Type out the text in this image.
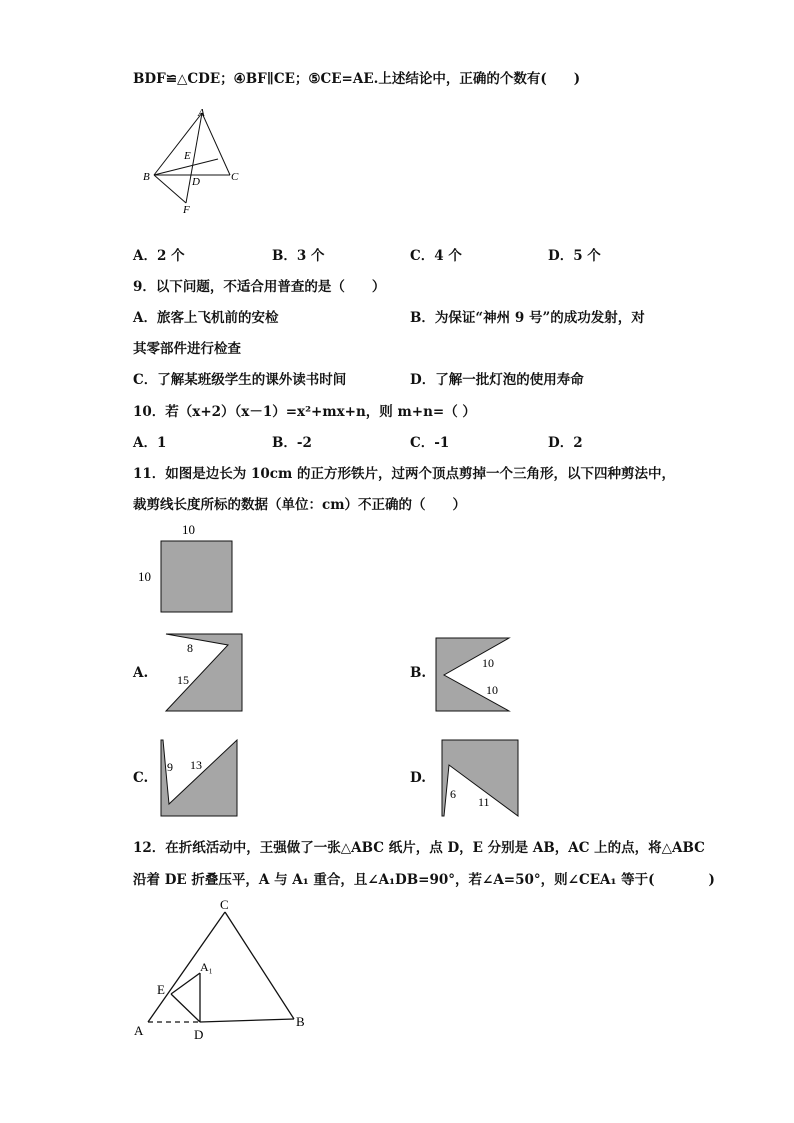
BDF≌△CDE；④BF∥CE；⑤CE=AE.上述结论中，正确的个数有(　　)
A
E
B	C
D
F
A．2 个	B．3 个	C．4 个	D．5 个
9．以下问题，不适合用普查的是（　　）
A．旅客上飞机前的安检	B．为保证“神州 9 号”的成功发射，对
其零部件进行检查
C．了解某班级学生的课外读书时间	D．了解一批灯泡的使用寿命
10．若（x+2）（x－1）=x²+mx+n，则 m+n=（ ）
A．1	B．-2	C．-1	D．2
11．如图是边长为 10cm 的正方形铁片，过两个顶点剪掉一个三角形，以下四种剪法中，
裁剪线长度所标的数据（单位：cm）不正确的（　　）
10
10
A.
8
15	B.
10
10
C.
9 13
D.
6
11
12．在折纸活动中，王强做了一张△ABC 纸片，点 D，E 分别是 AB，AC 上的点，将△ABC
沿着 DE 折叠压平，A 与 A₁ 重合，且∠A₁DB=90°，若∠A=50°，则∠CEA₁ 等于(　　　　)
C
A₁
E
A	D
B
